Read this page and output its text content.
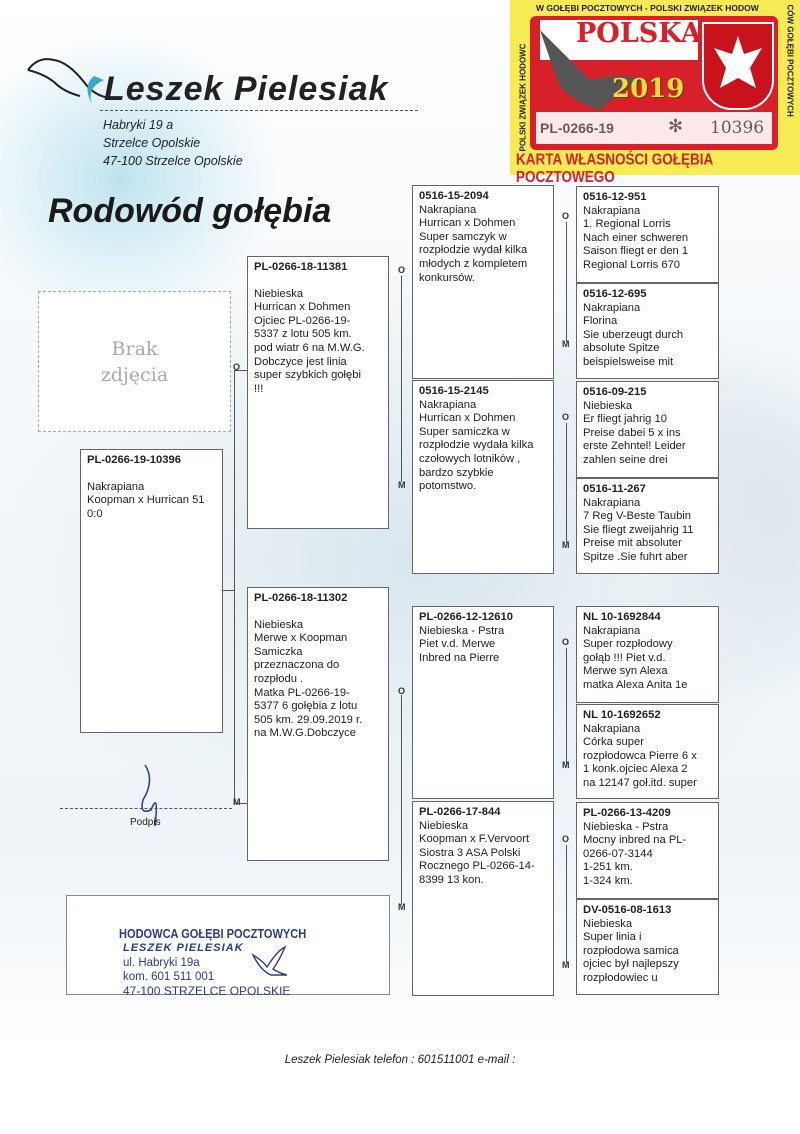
Leszek Pielesiak
Habryki 19 a
Strzelce Opolskie
47-100 Strzelce Opolskie
Rodowód gołębia
W GOŁĘBI POCZTOWYCH - POLSKI ZWIĄZEK HODOW
POLSKI ZWIĄZEK HODOWC	CÓW GOŁĘBI POCZTOWYCH
POLSKA
2019
PL-0266-19	✻ 10396
KARTA WŁASNOŚCI GOŁĘBIA POCZTOWEGO
Brak
zdjęcia	O
M
O
M
O
M
O
M
O
M
O
M
O
M
PL-0266-19-10396
Nakrapiana
Koopman x Hurrican 51
0:0
PL-0266-18-11381
Niebieska
Hurrican x Dohmen
Ojciec PL-0266-19-
5337 z lotu 505 km.
pod wiatr 6 na M.W.G.
Dobczyce jest linia
super szybkich gołębi
!!!
PL-0266-18-11302
Niebieska
Merwe x Koopman
Samiczka
przeznaczona do
rozpłodu .
Matka PL-0266-19-
5377 6 gołębia z lotu
505 km. 29.09.2019 r.
na M.W.G.Dobczyce
0516-15-2094
Nakrapiana
Hurrican x Dohmen
Super samczyk w
rozpłodzie wydał kilka
młodych z kompletem
konkursów.
0516-15-2145
Nakrapiana
Hurrican x Dohmen
Super samiczka w
rozpłodzie wydała kilka
czołowych lotników ,
bardzo szybkie
potomstwo.
PL-0266-12-12610
Niebieska - Pstra
Piet v.d. Merwe
Inbred na Pierre
PL-0266-17-844
Niebieska
Koopman x F.Vervoort
Siostra 3 ASA Polski
Rocznego PL-0266-14-
8399 13 kon.
0516-12-951
Nakrapiana
1. Regional Lorris
Nach einer schweren
Saison fliegt er den 1
Regional Lorris 670
0516-12-695
Nakrapiana
Florina
Sie uberzeugt durch
absolute Spitze
beispielsweise mit
0516-09-215
Niebieska
Er fliegt jahrig 10
Preise dabei 5 x ins
erste Zehntel! Leider
zahlen seine drei
0516-11-267
Nakrapiana
7 Reg V-Beste Taubin
Sie fliegt zweijahrig 11
Preise mit absoluter
Spitze .Sie fuhrt aber
NL 10-1692844
Nakrapiana
Super rozpłodowy
gołąb !!! Piet v.d.
Merwe syn Alexa
matka Alexa Anita 1e
NL 10-1692652
Nakrapiana
Córka super
rozpłodowca Pierre 6 x
1 konk.ojciec Alexa 2
na 12147 goł.itd. super
PL-0266-13-4209
Niebieska - Pstra
Mocny inbred na PL-
0266-07-3144
1-251 km.
1-324 km.
DV-0516-08-1613
Niebieska
Super linia i
rozpłodowa samica
ojciec był najlepszy
rozpłodowiec u
Podpis
HODOWCA GOŁĘBI POCZTOWYCH
LESZEK PIELESIAK
ul. Habryki 19a
kom. 601 511 001
47-100 STRZELCE OPOLSKIE
Leszek Pielesiak telefon : 601511001 e-mail :
